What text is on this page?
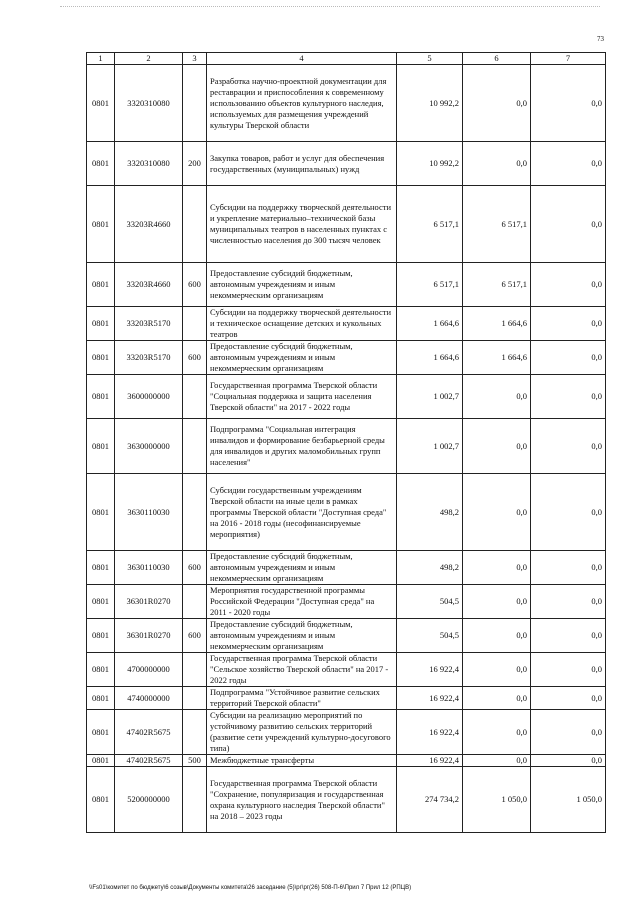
73
1	2	3	4	5	6	7
0801	3320310080		Разработка научно-проектной документации для реставрации и приспособления к современному использованию объектов культурного наследия, используемых для размещения учреждений культуры Тверской области	10 992,2	0,0	0,0
0801	3320310080	200	Закупка товаров, работ и услуг для обеспечения государственных (муниципальных) нужд	10 992,2	0,0	0,0
0801	33203R4660		Субсидии на поддержку творческой деятельности и укрепление материально–технической базы муниципальных театров в населенных пунктах с численностью населения до 300 тысяч человек	6 517,1	6 517,1	0,0
0801	33203R4660	600	Предоставление субсидий бюджетным, автономным учреждениям и иным некоммерческим организациям	6 517,1	6 517,1	0,0
0801	33203R5170		Субсидии на поддержку творческой деятельности и техническое оснащение детских и кукольных театров	1 664,6	1 664,6	0,0
0801	33203R5170	600	Предоставление субсидий бюджетным, автономным учреждениям и иным некоммерческим организациям	1 664,6	1 664,6	0,0
0801	3600000000		Государственная программа Тверской области "Социальная поддержка и защита населения Тверской области" на 2017 - 2022 годы	1 002,7	0,0	0,0
0801	3630000000		Подпрограмма "Социальная интеграция инвалидов и формирование безбарьерной среды для инвалидов и других маломобильных групп населения"	1 002,7	0,0	0,0
0801	3630110030		Субсидии государственным учреждениям Тверской области на иные цели в рамках программы Тверской области "Доступная среда" на 2016 - 2018 годы (несофинансируемые мероприятия)	498,2	0,0	0,0
0801	3630110030	600	Предоставление субсидий бюджетным, автономным учреждениям и иным некоммерческим организациям	498,2	0,0	0,0
0801	36301R0270		Мероприятия государственной программы Российской Федерации "Доступная среда" на 2011 - 2020 годы	504,5	0,0	0,0
0801	36301R0270	600	Предоставление субсидий бюджетным, автономным учреждениям и иным некоммерческим организациям	504,5	0,0	0,0
0801	4700000000		Государственная программа Тверской области "Сельское хозяйство Тверской области" на 2017 - 2022 годы	16 922,4	0,0	0,0
0801	4740000000		Подпрограмма "Устойчивое развитие сельских территорий Тверской области"	16 922,4	0,0	0,0
0801	47402R5675		Субсидии на реализацию мероприятий по устойчивому развитию сельских территорий (развитие сети учреждений культурно-досугового типа)	16 922,4	0,0	0,0
0801	47402R5675	500	Межбюджетные трансферты	16 922,4	0,0	0,0
0801	5200000000		Государственная программа Тверской области "Сохранение, популяризация и государственная охрана культурного наследия Тверской области" на 2018 – 2023 годы	274 734,2	1 050,0	1 050,0
\\Fs01\комитет по бюджету\6 созыв\Документы комитета\26 заседание (5)\рг\рг(26) 508-П-6\Прил 7 Прил 12 (РПЦВ)
